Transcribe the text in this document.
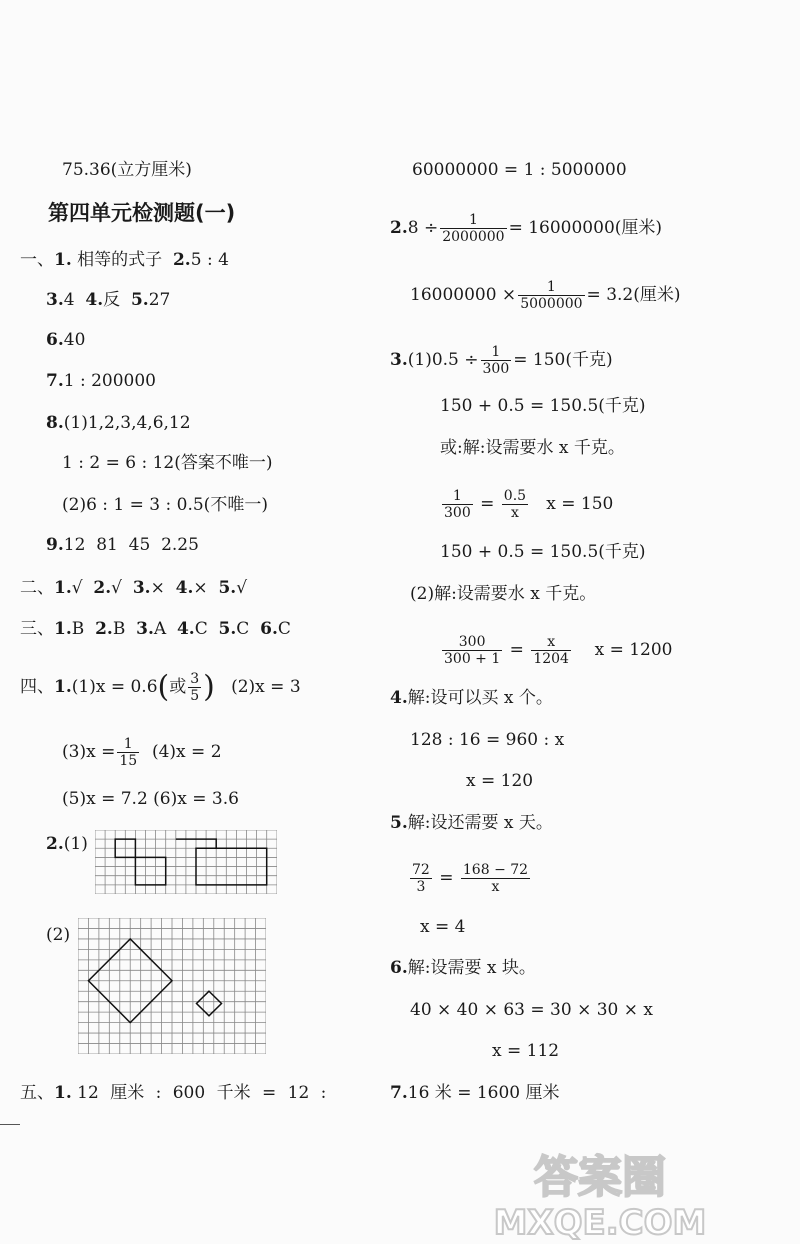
75.36(立方厘米)
第四单元检测题(一)
一、1. 相等的式子 2.5 : 4
3.4 4.反 5.27
6.40
7.1 : 200000
8.(1)1,2,3,4,6,12
1 : 2 = 6 : 12(答案不唯一)
(2)6 : 1 = 3 : 0.5(不唯一)
9.12  81  45  2.25
二、1.√ 2.√ 3.× 4.× 5.√
三、1.B 2.B 3.A 4.C 5.C 6.C
四、1.(1)x = 0.6(或 $\frac{3}{5}$ ) (2)x = 3
$(3)x = \frac{1}{15} (4)x = 2$
(5)x = 7.2 (6)x = 3.6
2.(1)
(2)
五、1. 12 厘米 : 600 千米 = 12 :
60000000 = 1 : 5000000
$2.8 \div \frac{1}{2000000} = 16000000$(厘米)
$16000000 \times \frac{1}{5000000} = 3.2$(厘米)
$3.(1)0.5 \div \frac{1}{300} = 150$(千克)
150 + 0.5 = 150.5(千克)
或:解:设需要水 x 千克。
$\frac{1}{300} = \frac{0.5}{x}$ x = 150
150 + 0.5 = 150.5(千克)
(2)解:设需要水 x 千克。
$\frac{300}{300 + 1} = \frac{x}{1204}$ x = 1200
4.解:设可以买 x 个。
128 : 16 = 960 : x
x = 120
5.解:设还需要 x 天。
$\frac{72}{3} = \frac{168 - 72}{x}$
x = 4
6.解:设需要 x 块。
40 × 40 × 63 = 30 × 30 × x
x = 112
7.16 米 = 1600 厘米
答案圈
MXQE.COM
